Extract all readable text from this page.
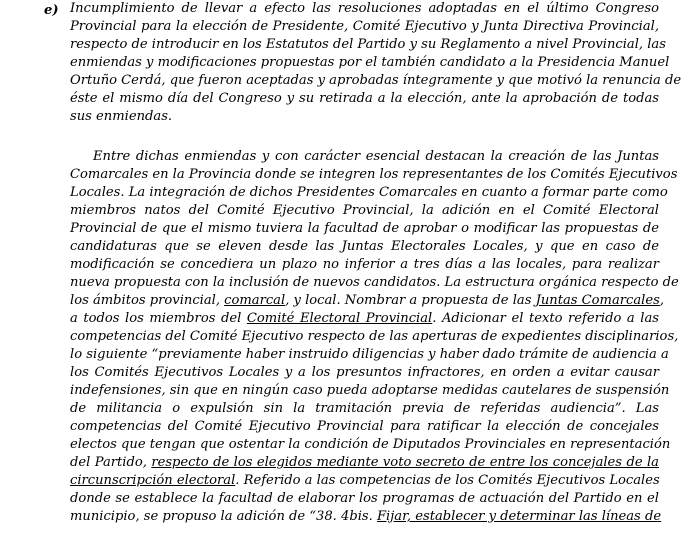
e) Incumplimiento de llevar a efecto las resoluciones adoptadas en el último Congreso
Provincial para la elección de Presidente, Comité Ejecutivo y Junta Directiva Provincial,
respecto de introducir en los Estatutos del Partido y su Reglamento a nivel Provincial, las
enmiendas y modificaciones propuestas por el también candidato a la Presidencia Manuel
Ortuño Cerdá, que fueron aceptadas y aprobadas íntegramente y que motivó la renuncia de
éste el mismo día del Congreso y su retirada a la elección, ante la aprobación de todas
sus enmiendas.
Entre dichas enmiendas y con carácter esencial destacan la creación de las Juntas
Comarcales en la Provincia donde se integren los representantes de los Comités Ejecutivos
Locales. La integración de dichos Presidentes Comarcales en cuanto a formar parte como
miembros natos del Comité Ejecutivo Provincial, la adición en el Comité Electoral
Provincial de que el mismo tuviera la facultad de aprobar o modificar las propuestas de
candidaturas que se eleven desde las Juntas Electorales Locales, y que en caso de
modificación se concediera un plazo no inferior a tres días a las locales, para realizar
nueva propuesta con la inclusión de nuevos candidatos. La estructura orgánica respecto de
los ámbitos provincial, comarcal, y local. Nombrar a propuesta de las Juntas Comarcales,
a todos los miembros del Comité Electoral Provincial. Adicionar el texto referido a las
competencias del Comité Ejecutivo respecto de las aperturas de expedientes disciplinarios,
lo siguiente “previamente haber instruido diligencias y haber dado trámite de audiencia a
los Comités Ejecutivos Locales y a los presuntos infractores, en orden a evitar causar
indefensiones, sin que en ningún caso pueda adoptarse medidas cautelares de suspensión
de militancia o expulsión sin la tramitación previa de referidas audiencia”. Las
competencias del Comité Ejecutivo Provincial para ratificar la elección de concejales
electos que tengan que ostentar la condición de Diputados Provinciales en representación
del Partido, respecto de los elegidos mediante voto secreto de entre los concejales de la
circunscripción electoral. Referido a las competencias de los Comités Ejecutivos Locales
donde se establece la facultad de elaborar los programas de actuación del Partido en el
municipio, se propuso la adición de “38. 4bis. Fijar, establecer y determinar las líneas de
